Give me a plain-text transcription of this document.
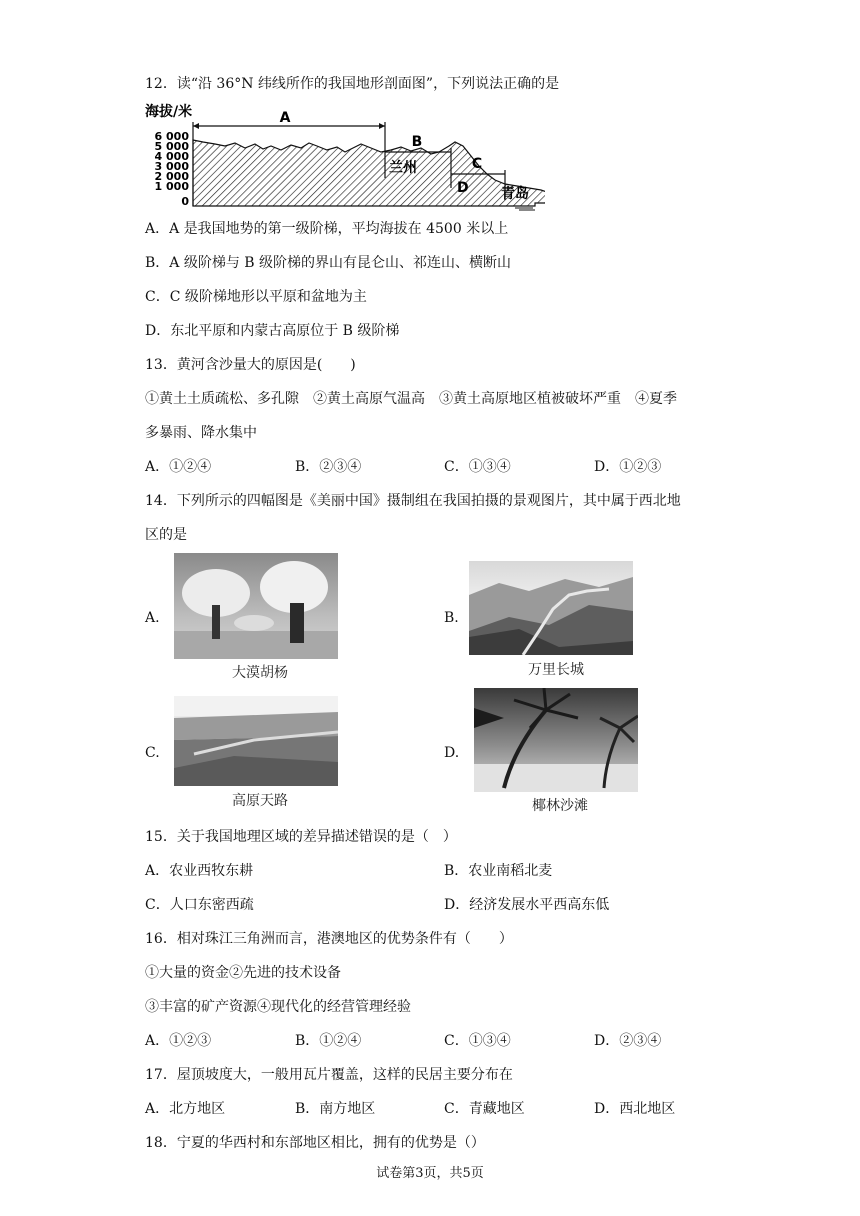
12．读“沿 36°N 纬线所作的我国地形剖面图”，下列说法正确的是
海拔/米
6 000
5 000
4 000
3 000
2 000
1 000
0
A
B
兰州	C
D 青岛
A．A 是我国地势的第一级阶梯，平均海拔在 4500 米以上
B．A 级阶梯与 B 级阶梯的界山有昆仑山、祁连山、横断山
C．C 级阶梯地形以平原和盆地为主
D．东北平原和内蒙古高原位于 B 级阶梯
13．黄河含沙量大的原因是(　　)
①黄土土质疏松、多孔隙　②黄土高原气温高　③黄土高原地区植被破坏严重　④夏季
多暴雨、降水集中
A．①②④	B．②③④	C．①③④	D．①②③
14．下列所示的四幅图是《美丽中国》摄制组在我国拍摄的景观图片，其中属于西北地
区的是
A.
大漠胡杨
B.
万里长城
C.
高原天路
D.
椰林沙滩
15．关于我国地理区域的差异描述错误的是（　）
A．农业西牧东耕	B．农业南稻北麦
C．人口东密西疏	D．经济发展水平西高东低
16．相对珠江三角洲而言，港澳地区的优势条件有（　　）
①大量的资金②先进的技术设备
③丰富的矿产资源④现代化的经营管理经验
A．①②③	B．①②④	C．①③④	D．②③④
17．屋顶坡度大，一般用瓦片覆盖，这样的民居主要分布在
A．北方地区	B．南方地区	C．青藏地区	D．西北地区
18．宁夏的华西村和东部地区相比，拥有的优势是（）
试卷第3页，共5页
